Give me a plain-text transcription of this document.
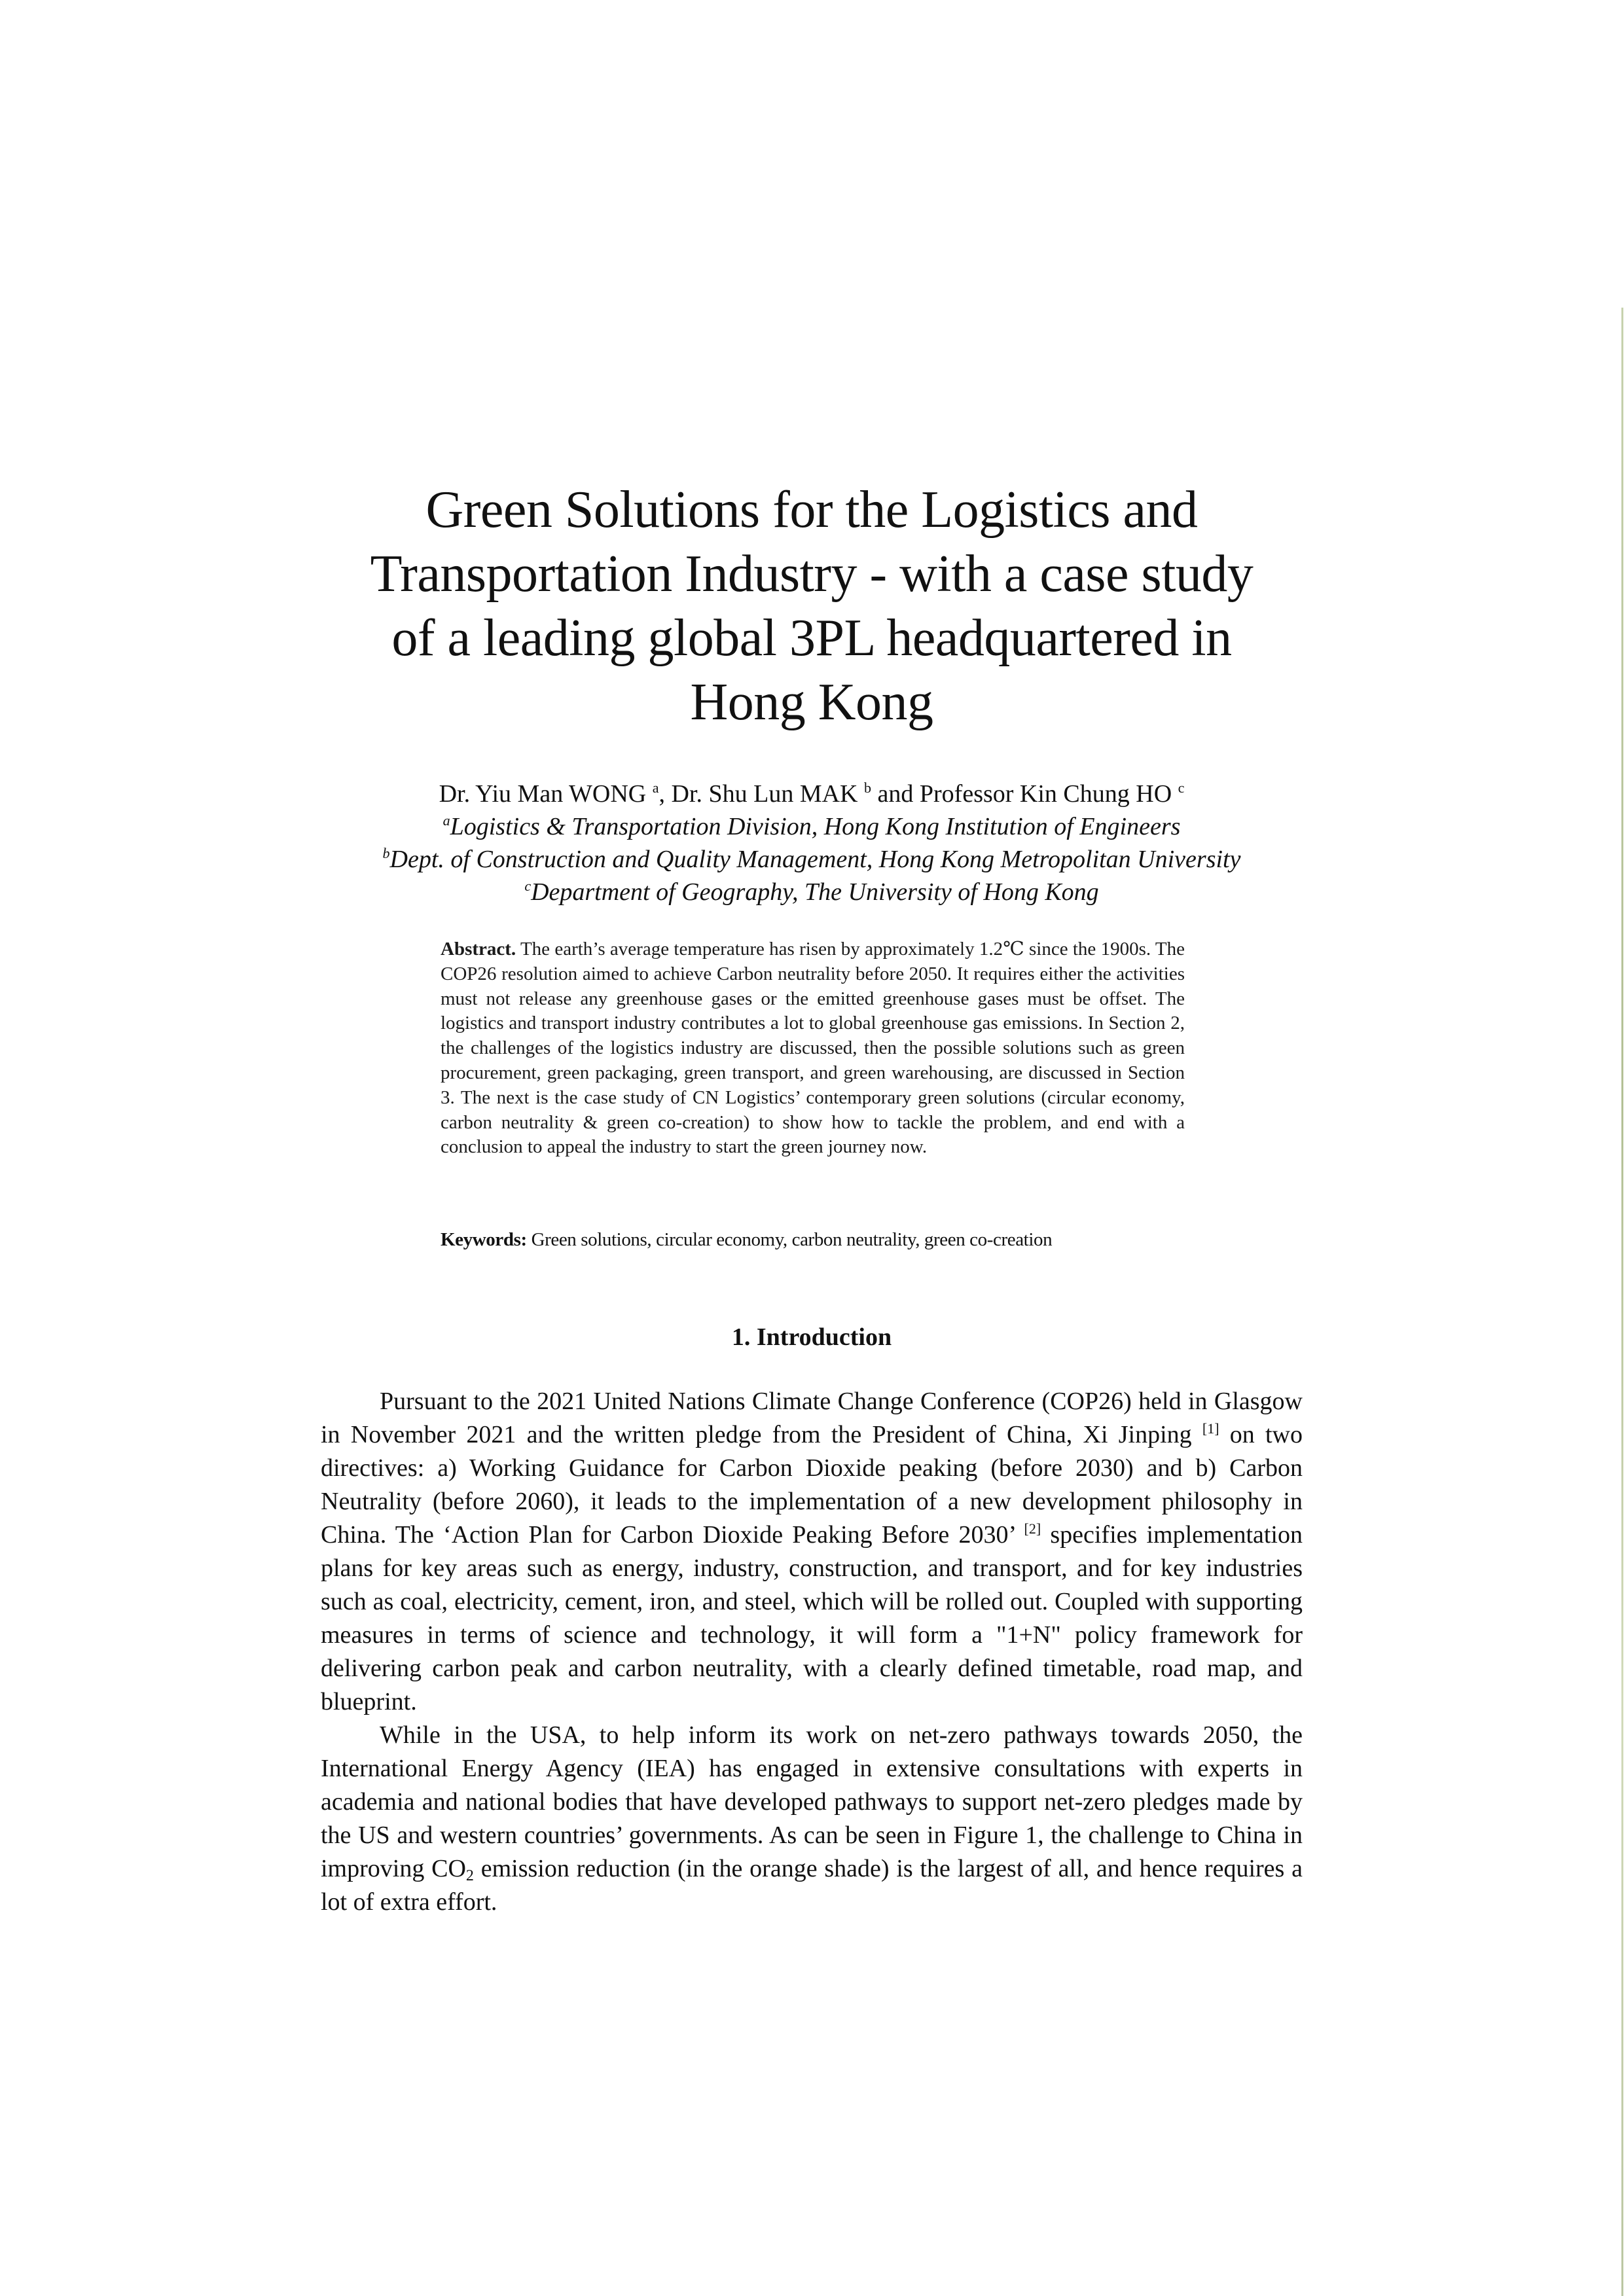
Green Solutions for the Logistics and
Transportation Industry - with a case study
of a leading global 3PL headquartered in
Hong Kong
Dr. Yiu Man WONG $^a$, Dr. Shu Lun MAK $^b$ and Professor Kin Chung HO $^c$
$^a$Logistics & Transportation Division, Hong Kong Institution of Engineers
$^b$Dept. of Construction and Quality Management, Hong Kong Metropolitan University
$^c$Department of Geography, The University of Hong Kong
Abstract. The earth’s average temperature has risen by approximately 1.2℃ since the 1900s. The COP26 resolution aimed to achieve Carbon neutrality before 2050. It requires either the activities must not release any greenhouse gases or the emitted greenhouse gases must be offset. The logistics and transport industry contributes a lot to global greenhouse gas emissions. In Section 2, the challenges of the logistics industry are discussed, then the possible solutions such as green procurement, green packaging, green transport, and green warehousing, are discussed in Section 3. The next is the case study of CN Logistics’ contemporary green solutions (circular economy, carbon neutrality & green co-creation) to show how to tackle the problem, and end with a conclusion to appeal the industry to start the green journey now.
Keywords: Green solutions, circular economy, carbon neutrality, green co-creation
1. Introduction

Pursuant to the 2021 United Nations Climate Change Conference (COP26) held in Glasgow in November 2021 and the written pledge from the President of China, Xi Jinping [1] on two directives: a) Working Guidance for Carbon Dioxide peaking (before 2030) and b) Carbon Neutrality (before 2060), it leads to the implementation of a new development philosophy in China. The ‘Action Plan for Carbon Dioxide Peaking Before 2030’ [2] specifies implementation plans for key areas such as energy, industry, construction, and transport, and for key industries such as coal, electricity, cement, iron, and steel, which will be rolled out. Coupled with supporting measures in terms of science and technology, it will form a "1+N" policy framework for delivering carbon peak and carbon neutrality, with a clearly defined timetable, road map, and blueprint.

While in the USA, to help inform its work on net-zero pathways towards 2050, the International Energy Agency (IEA) has engaged in extensive consultations with experts in academia and national bodies that have developed pathways to support net-zero pledges made by the US and western countries’ governments. As can be seen in Figure 1, the challenge to China in improving $CO_2$ emission reduction (in the orange shade) is the largest of all, and hence requires a lot of extra effort.
